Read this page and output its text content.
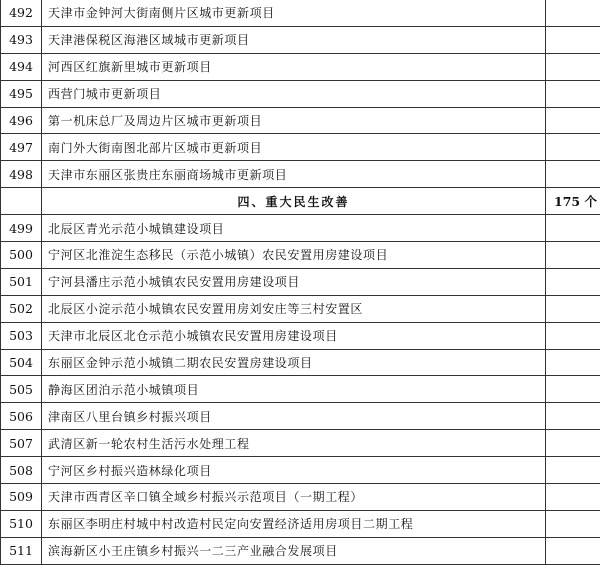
492	天津市金钟河大街南侧片区城市更新项目	
493	天津港保税区海港区域城市更新项目	
494	河西区红旗新里城市更新项目	
495	西营门城市更新项目	
496	第一机床总厂及周边片区城市更新项目	
497	南门外大街南图北部片区城市更新项目	
498	天津市东丽区张贵庄东丽商场城市更新项目	
	四、重大民生改善	175 个
499	北辰区青光示范小城镇建设项目	
500	宁河区北淮淀生态移民（示范小城镇）农民安置用房建设项目	
501	宁河县潘庄示范小城镇农民安置用房建设项目	
502	北辰区小淀示范小城镇农民安置用房刘安庄等三村安置区	
503	天津市北辰区北仓示范小城镇农民安置用房建设项目	
504	东丽区金钟示范小城镇二期农民安置房建设项目	
505	静海区团泊示范小城镇项目	
506	津南区八里台镇乡村振兴项目	
507	武清区新一轮农村生活污水处理工程	
508	宁河区乡村振兴造林绿化项目	
509	天津市西青区辛口镇全域乡村振兴示范项目（一期工程）	
510	东丽区李明庄村城中村改造村民定向安置经济适用房项目二期工程	
511	滨海新区小王庄镇乡村振兴一二三产业融合发展项目	
